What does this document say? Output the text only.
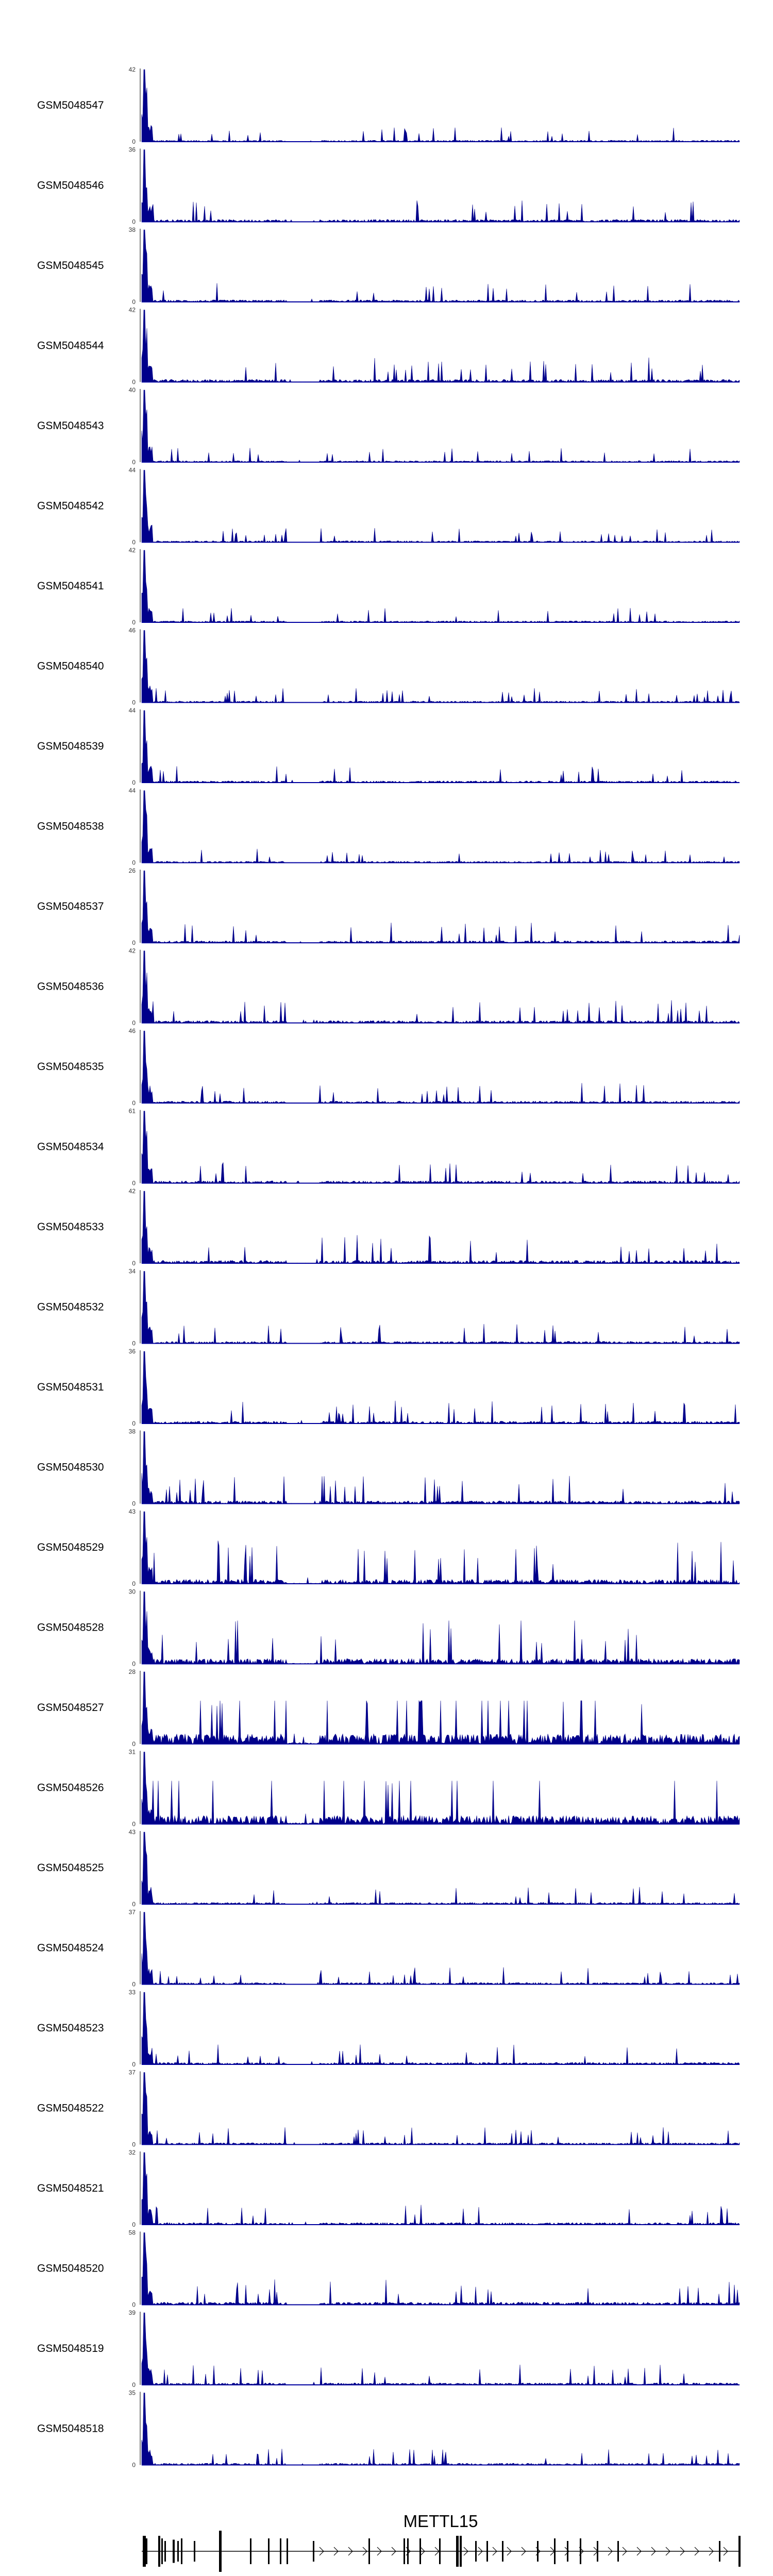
GSM5048547
42
0
GSM5048546
36
0
GSM5048545
38
0
GSM5048544
42
0
GSM5048543
40
0
GSM5048542
44
0
GSM5048541
42
0
GSM5048540
46
0
GSM5048539
44
0
GSM5048538
44
0
GSM5048537
26
0
GSM5048536
42
0
GSM5048535
46
0
GSM5048534
61
0
GSM5048533
42
0
GSM5048532
34
0
GSM5048531
36
0
GSM5048530
38
0
GSM5048529
43
0
GSM5048528
30
0
GSM5048527
28
0
GSM5048526
31
0
GSM5048525
43
0
GSM5048524
37
0
GSM5048523
33
0
GSM5048522
37
0
GSM5048521
32
0
GSM5048520
58
0
GSM5048519
39
0
GSM5048518
35
0
METTL15
